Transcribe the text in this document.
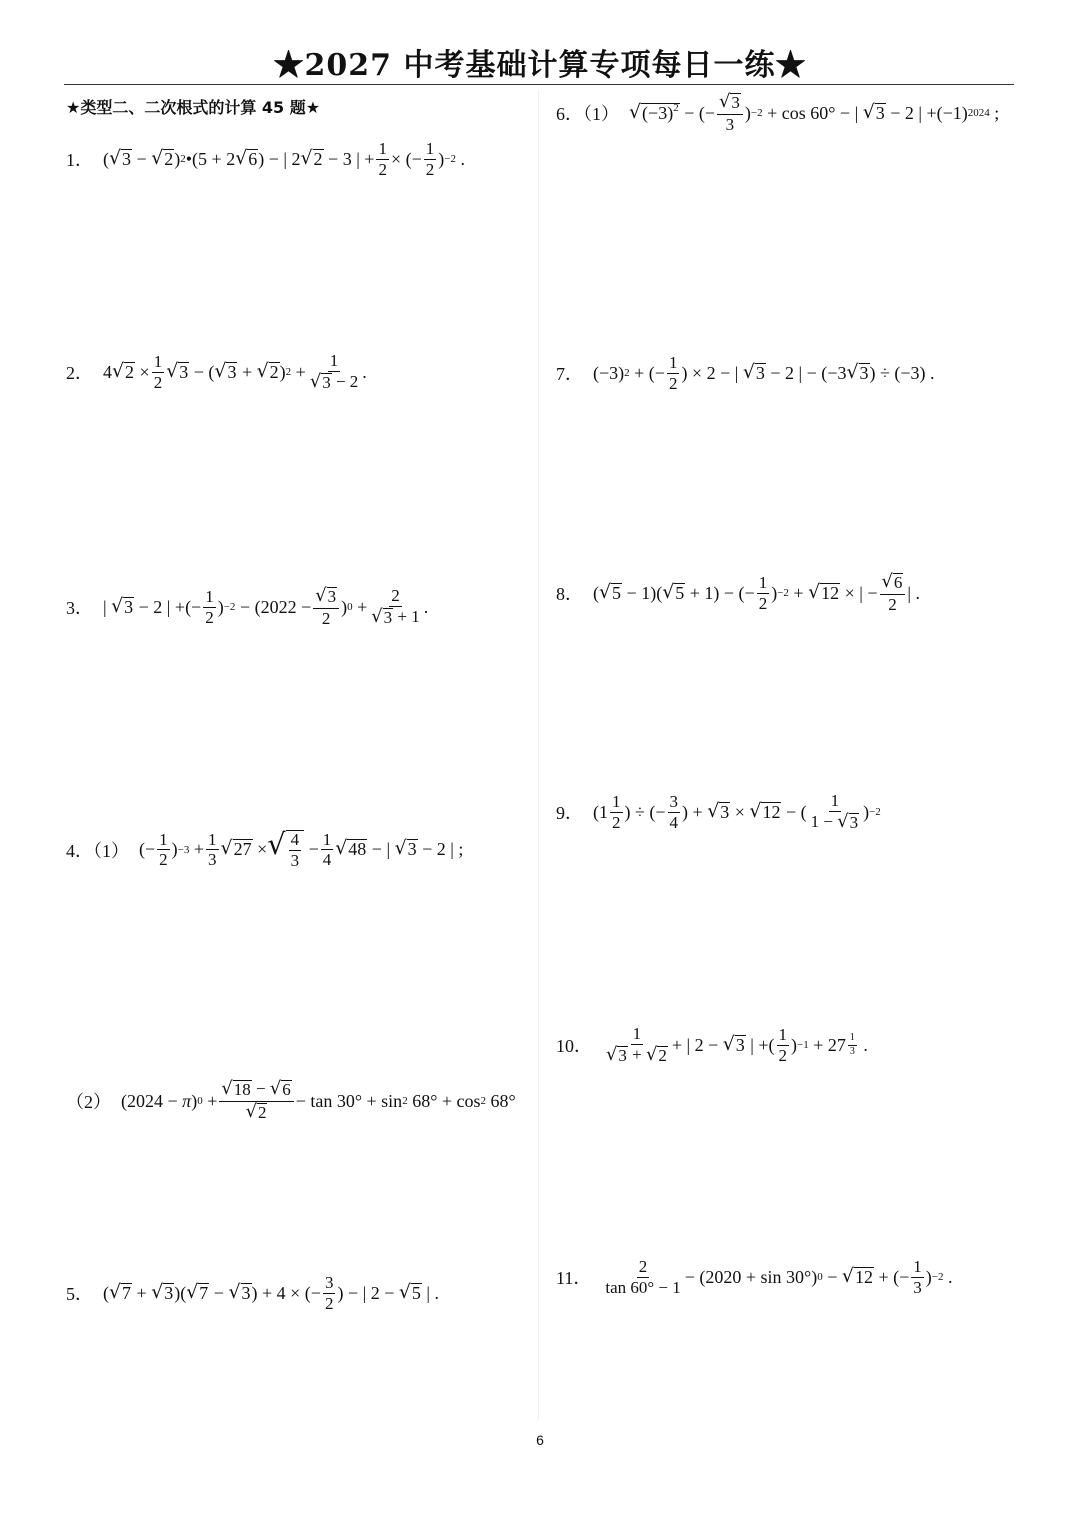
★2027 中考基础计算专项每日一练★
★类型二、二次根式的计算 45 题★
1． ( √ 3 − √ 2 ) 2 •(5 + 2 √ 6 ) − | 2 √ 2 − 3 | + $\frac{1}{2}$ × (− $\frac{1}{2}$ ) −2 .
2． 4 √ $2 \times \frac{1}{2}$ √ 3 − ( √ 3 + √ 2 ) $2 + \frac{1}{√ 3 - 2}$ .
3． | √ 3 − 2 | +(− $\frac{1}{2}$ ) $-2 - (2022 - \frac{√ 3}{2}$ ) $0 + \frac{2}{√ 3 + 1}$ .
4．（1） (− $\frac{1}{2}$ ) $-3 + \frac{1}{3}$ √ 27 × √ $\frac{4}{3} - \frac{1}{4}$ √ 48 − | √ 3 − 2 | ;
（2） (2024 − π ) $0 + \frac{√ 18 - √ 6}{√ 2} - \tan 30^\circ + \sin 2$ 68° + cos 2 68°
5． ( √ 7 + √ 3 )( √ 7 − √ 3 ) + 4 × (− $\frac{3}{2}$ ) − | 2 − √ 5 | .
6．（1） √ $(-3)^2$ − (− $\frac{√ 3}{3}$ ) −2 + cos 60° − | √ 3 − 2 | +(−1) 2024 ;
7． (−3) 2 + (− $\frac{1}{2}$ ) × 2 − | √ 3 − 2 | − (−3 √ 3 ) ÷ (−3) .
8． ( √ 5 − 1)( √ 5 + 1) − (− $\frac{1}{2}$ ) −2 + √ 12 × | − $\frac{√ 6}{2}$ | .
9． ($1 \frac{1}{2}$ ) ÷ (− $\frac{3}{4}$ ) + √ 3 × √ 12 − ( $\frac{1}{1 - √ 3}$ ) −2
10． $\frac{1}{√ 3 + √ 2}$ + | 2 − √ 3 | +( $\frac{1}{2}$ ) $-1 + 27 \frac{1}{3}$ .
11． $\frac{2}{\tan 60^\circ - 1} - (2020 + \sin 30^\circ) 0$ − √ 12 + (− $\frac{1}{3}$ ) −2 .
6
